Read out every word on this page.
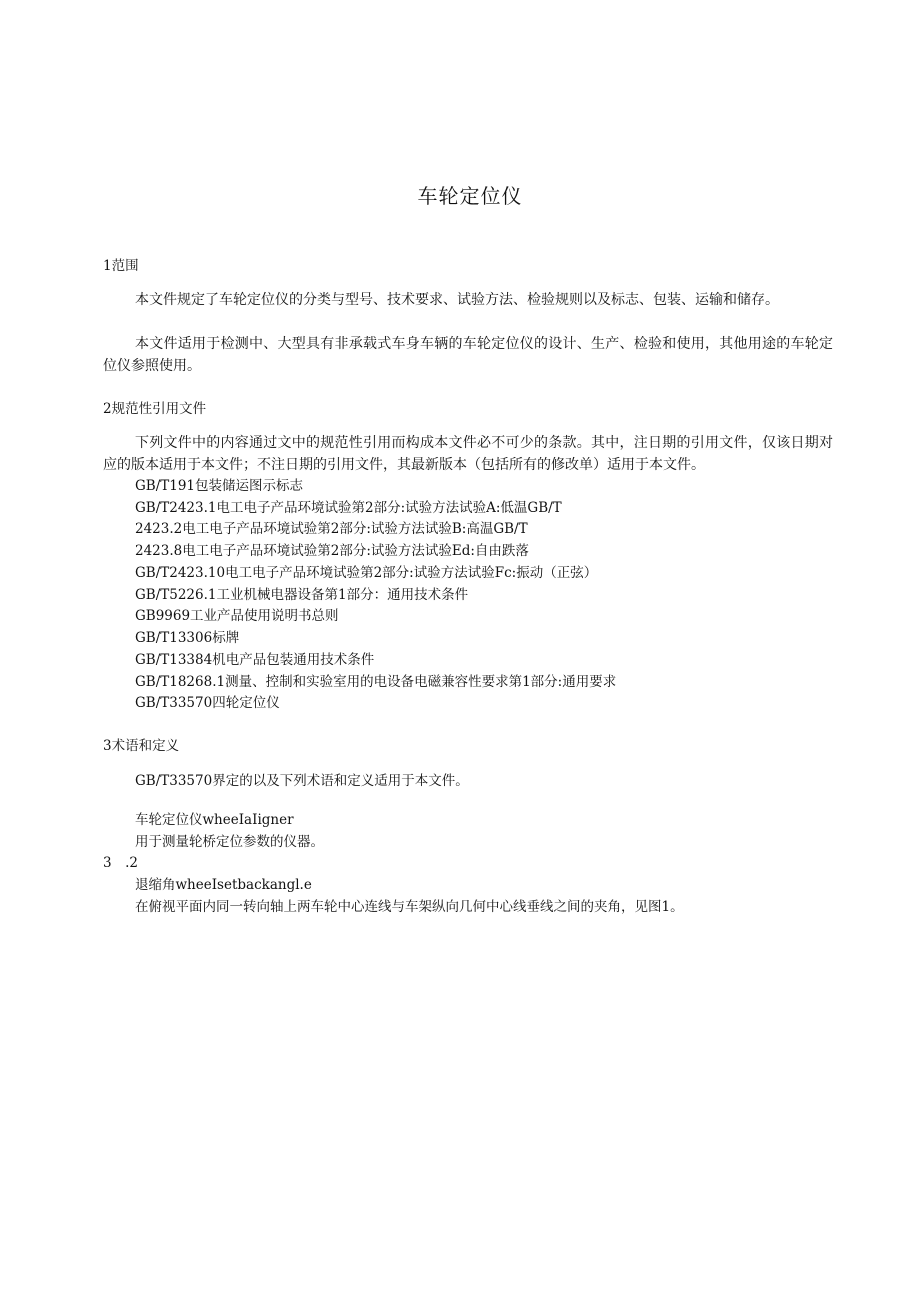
车轮定位仪
1范围

本文件规定了车轮定位仪的分类与型号、技术要求、试验方法、检验规则以及标志、包装、运输和储存。

本文件适用于检测中、大型具有非承载式车身车辆的车轮定位仪的设计、生产、检验和使用，其他用途的车轮定位仪参照使用。

2规范性引用文件

下列文件中的内容通过文中的规范性引用而构成本文件必不可少的条款。其中，注日期的引用文件，仅该日期对应的版本适用于本文件；不注日期的引用文件，其最新版本（包括所有的修改单）适用于本文件。

GB/T191包装储运图示标志

GB/T2423.1电工电子产品环境试验第2部分:试验方法试验A:低温GB/T

2423.2电工电子产品环境试验第2部分:试验方法试验B:高温GB/T

2423.8电工电子产品环境试验第2部分:试验方法试验Ed:自由跌落

GB/T2423.10电工电子产品环境试验第2部分:试验方法试验Fc:振动（正弦）

GB/T5226.1工业机械电器设备第1部分：通用技术条件

GB9969工业产品使用说明书总则

GB/T13306标牌

GB/T13384机电产品包装通用技术条件

GB/T18268.1测量、控制和实验室用的电设备电磁兼容性要求第1部分:通用要求

GB/T33570四轮定位仪

3术语和定义

GB/T33570界定的以及下列术语和定义适用于本文件。

车轮定位仪wheeIaIigner

用于测量轮桥定位参数的仪器。

3　.2

退缩角wheeIsetbackangl.e

在俯视平面内同一转向轴上两车轮中心连线与车架纵向几何中心线垂线之间的夹角，见图1。
